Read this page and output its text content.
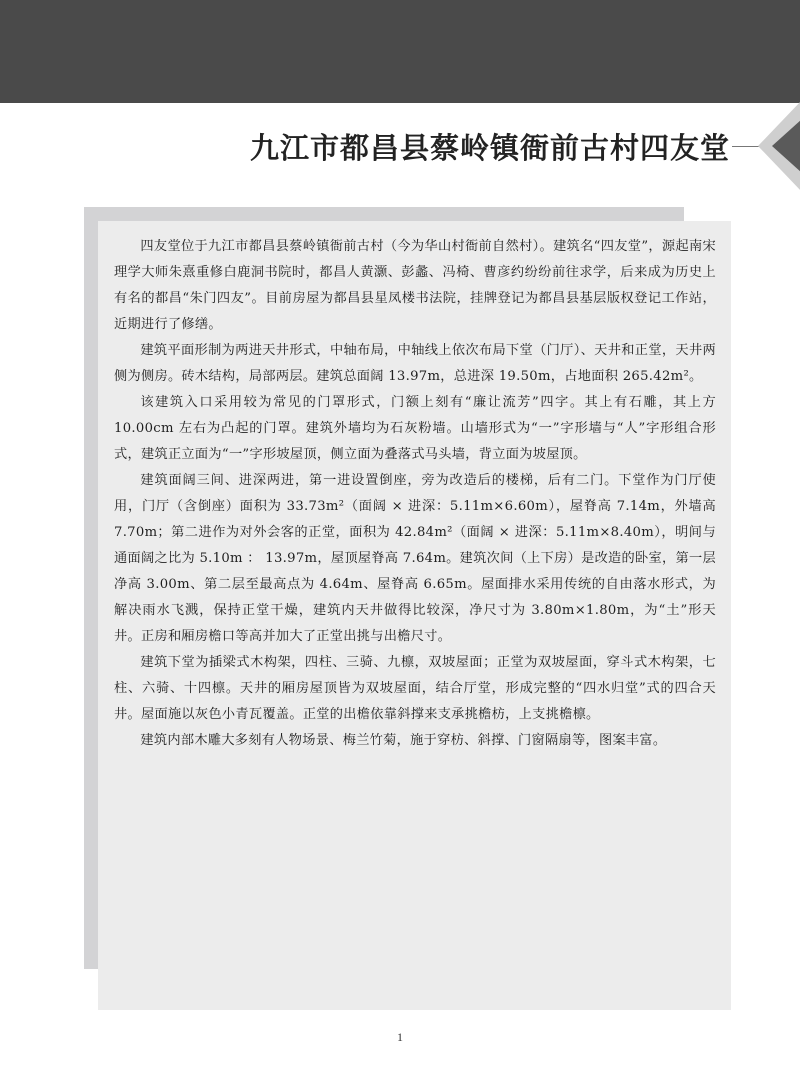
九江市都昌县蔡岭镇衙前古村四友堂

四友堂位于九江市都昌县蔡岭镇衙前古村（今为华山村衙前自然村）。建筑名“四友堂”，源起南宋理学大师朱熹重修白鹿洞书院时，都昌人黄灏、彭蠡、冯椅、曹彦约纷纷前往求学，后来成为历史上有名的都昌“朱门四友”。目前房屋为都昌县星凤楼书法院，挂牌登记为都昌县基层版权登记工作站，近期进行了修缮。

建筑平面形制为两进天井形式，中轴布局，中轴线上依次布局下堂（门厅）、天井和正堂，天井两侧为侧房。砖木结构，局部两层。建筑总面阔 13.97m，总进深 19.50m，占地面积 265.42m²。

该建筑入口采用较为常见的门罩形式，门额上刻有“廉让流芳”四字。其上有石雕，其上方 10.00cm 左右为凸起的门罩。建筑外墙均为石灰粉墙。山墙形式为“一”字形墙与“人”字形组合形式，建筑正立面为“一”字形坡屋顶，侧立面为叠落式马头墙，背立面为坡屋顶。

建筑面阔三间、进深两进，第一进设置倒座，旁为改造后的楼梯，后有二门。下堂作为门厅使用，门厅（含倒座）面积为 33.73m²（面阔 × 进深：5.11m×6.60m），屋脊高 7.14m，外墙高 7.70m；第二进作为对外会客的正堂，面积为 42.84m²（面阔 × 进深：5.11m×8.40m），明间与通面阔之比为 5.10m ： 13.97m，屋顶屋脊高 7.64m。建筑次间（上下房）是改造的卧室，第一层净高 3.00m、第二层至最高点为 4.64m、屋脊高 6.65m。屋面排水采用传统的自由落水形式，为解决雨水飞溅，保持正堂干燥，建筑内天井做得比较深，净尺寸为 3.80m×1.80m，为“土”形天井。正房和厢房檐口等高并加大了正堂出挑与出檐尺寸。

建筑下堂为插梁式木构架，四柱、三骑、九檩，双坡屋面；正堂为双坡屋面，穿斗式木构架，七柱、六骑、十四檩。天井的厢房屋顶皆为双坡屋面，结合厅堂，形成完整的“四水归堂”式的四合天井。屋面施以灰色小青瓦覆盖。正堂的出檐依靠斜撑来支承挑檐枋，上支挑檐檩。

建筑内部木雕大多刻有人物场景、梅兰竹菊，施于穿枋、斜撑、门窗隔扇等，图案丰富。

1
